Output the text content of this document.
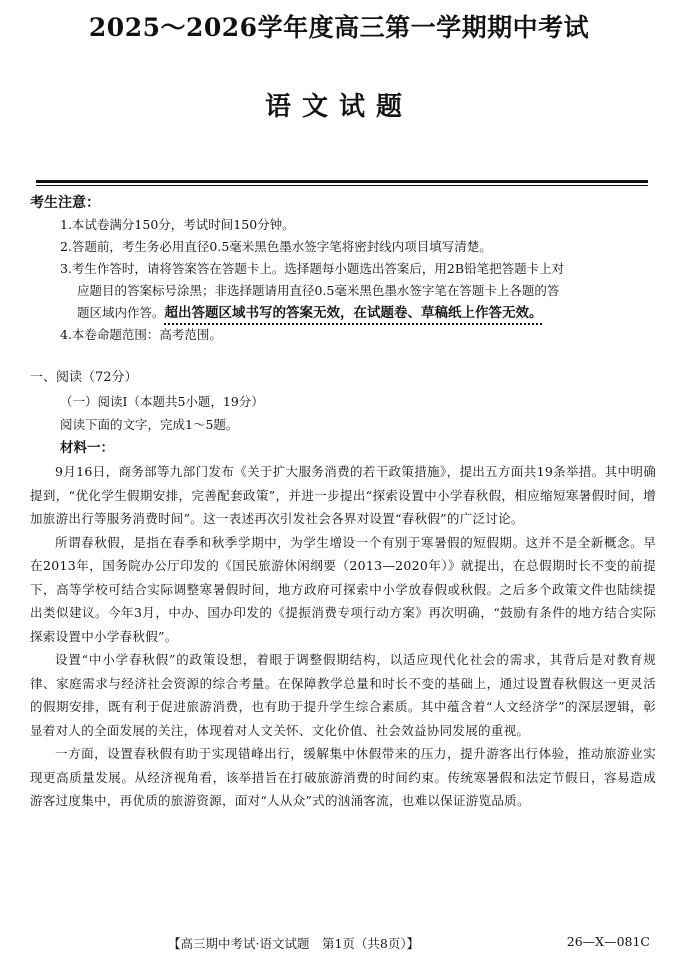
2025～2026学年度高三第一学期期中考试
语文试题
考生注意：
1.本试卷满分150分，考试时间150分钟。
2.答题前，考生务必用直径0.5毫米黑色墨水签字笔将密封线内项目填写清楚。
3.考生作答时，请将答案答在答题卡上。选择题每小题选出答案后，用2B铅笔把答题卡上对
应题目的答案标号涂黑；非选择题请用直径0.5毫米黑色墨水签字笔在答题卡上各题的答
题区域内作答。超出答题区域书写的答案无效，在试题卷、草稿纸上作答无效。
4.本卷命题范围：高考范围。
一、阅读（72分）
（一）阅读Ⅰ（本题共5小题，19分）
阅读下面的文字，完成1～5题。
材料一：
9月16日，商务部等九部门发布《关于扩大服务消费的若干政策措施》，提出五方面共19条举措。其中明确提到，“优化学生假期安排，完善配套政策”，并进一步提出“探索设置中小学春秋假，相应缩短寒暑假时间，增加旅游出行等服务消费时间”。这一表述再次引发社会各界对设置“春秋假”的广泛讨论。
所谓春秋假，是指在春季和秋季学期中，为学生增设一个有别于寒暑假的短假期。这并不是全新概念。早在2013年，国务院办公厅印发的《国民旅游休闲纲要（2013—2020年）》就提出，在总假期时长不变的前提下，高等学校可结合实际调整寒暑假时间，地方政府可探索中小学放春假或秋假。之后多个政策文件也陆续提出类似建议。今年3月，中办、国办印发的《提振消费专项行动方案》再次明确，“鼓励有条件的地方结合实际探索设置中小学春秋假”。
设置“中小学春秋假”的政策设想，着眼于调整假期结构，以适应现代化社会的需求，其背后是对教育规律、家庭需求与经济社会资源的综合考量。在保障教学总量和时长不变的基础上，通过设置春秋假这一更灵活的假期安排，既有利于促进旅游消费，也有助于提升学生综合素质。其中蕴含着“人文经济学”的深层逻辑，彰显着对人的全面发展的关注，体现着对人文关怀、文化价值、社会效益协同发展的重视。
一方面，设置春秋假有助于实现错峰出行，缓解集中休假带来的压力，提升游客出行体验，推动旅游业实现更高质量发展。从经济视角看，该举措旨在打破旅游消费的时间约束。传统寒暑假和法定节假日，容易造成游客过度集中，再优质的旅游资源，面对“人从众”式的汹涌客流，也难以保证游览品质。
【高三期中考试·语文试题　第1页（共8页）】	26—X—081C
